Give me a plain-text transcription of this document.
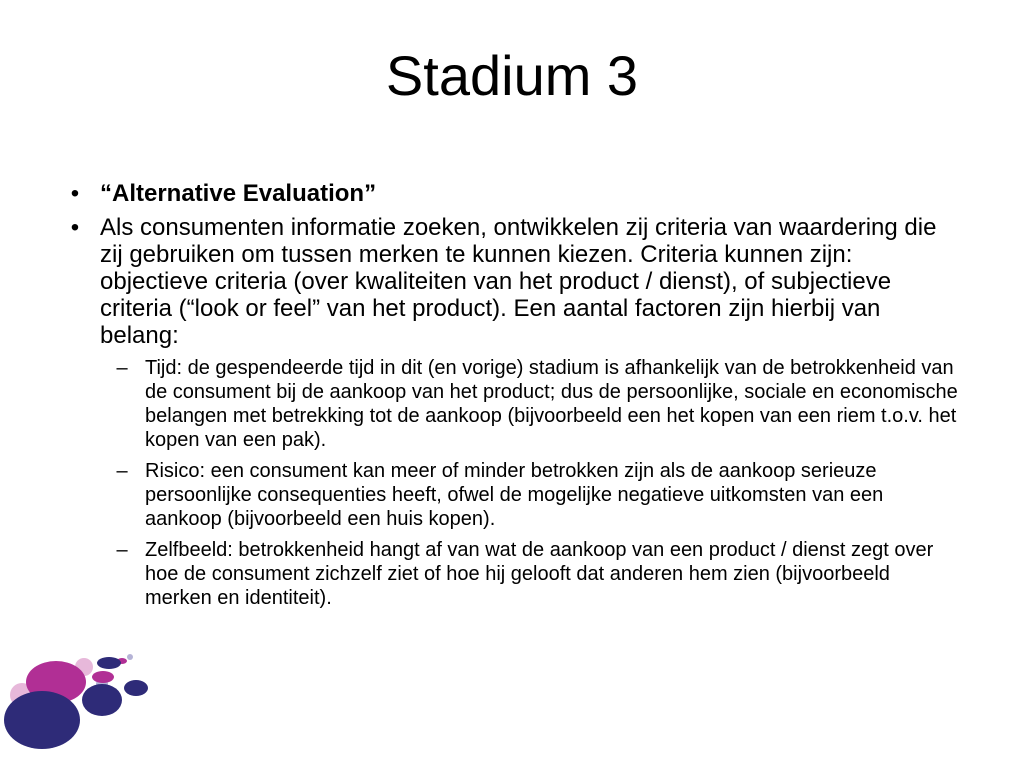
Stadium 3
• “Alternative Evaluation”
• Als consumenten informatie zoeken, ontwikkelen zij criteria van waardering die zij gebruiken om tussen merken te kunnen kiezen. Criteria kunnen zijn: objectieve criteria (over kwaliteiten van het product / dienst), of subjectieve criteria (“look or feel” van het product). Een aantal factoren zijn hierbij van belang:
– Tijd: de gespendeerde tijd in dit (en vorige) stadium is afhankelijk van de betrokkenheid van de consument bij de aankoop van het product; dus de persoonlijke, sociale en economische belangen met betrekking tot de aankoop (bijvoorbeeld een het kopen van een riem t.o.v. het kopen van een pak).
– Risico: een consument kan meer of minder betrokken zijn als de aankoop serieuze persoonlijke consequenties heeft, ofwel de mogelijke negatieve uitkomsten van een aankoop (bijvoorbeeld een huis kopen).
– Zelfbeeld: betrokkenheid hangt af van wat de aankoop van een product / dienst zegt over hoe de consument zichzelf ziet of hoe hij gelooft dat anderen hem zien (bijvoorbeeld merken en identiteit).
